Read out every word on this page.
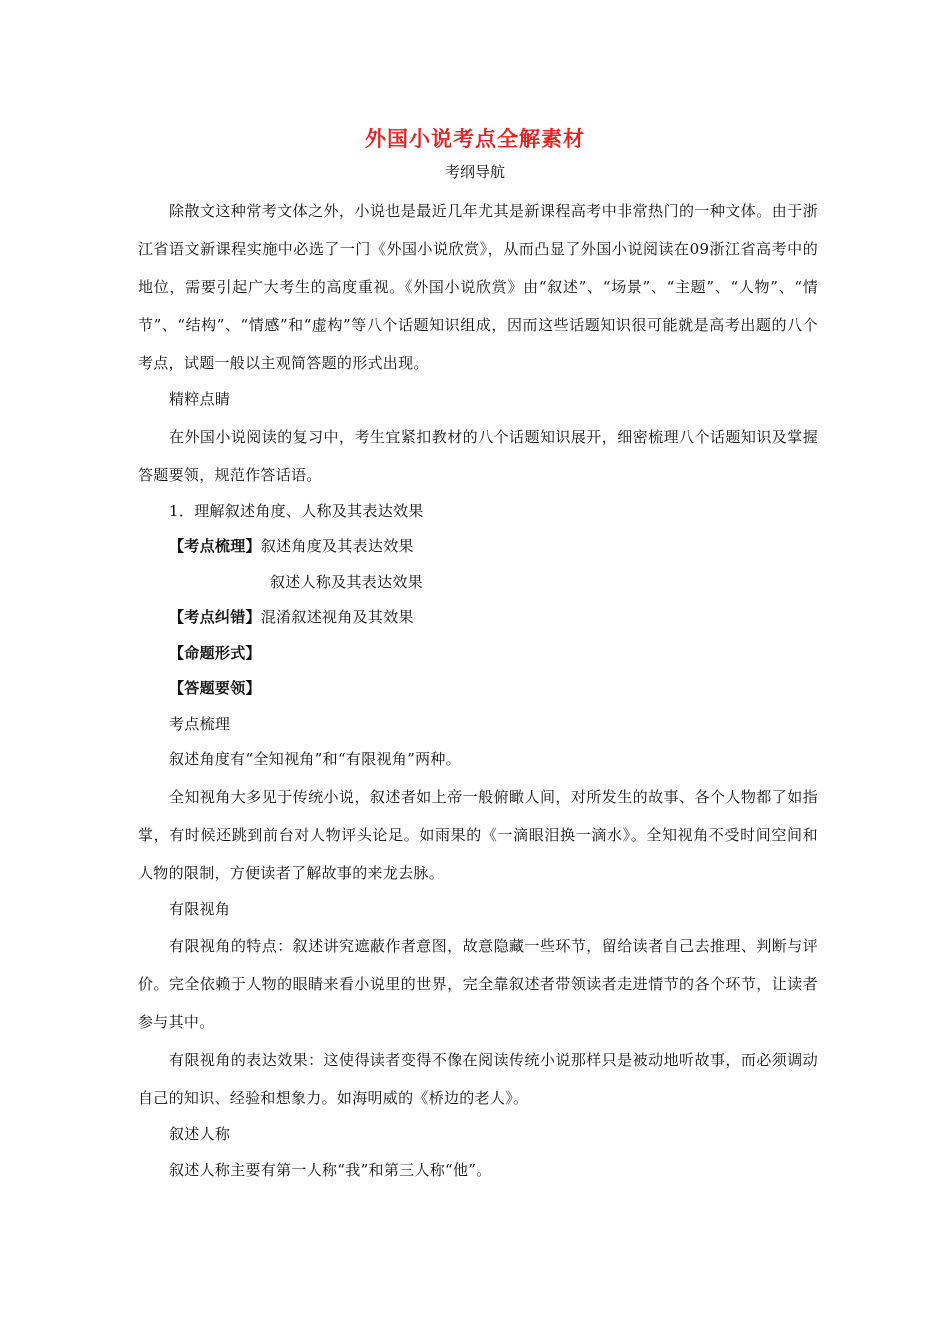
外国小说考点全解素材
考纲导航

除散文这种常考文体之外，小说也是最近几年尤其是新课程高考中非常热门的一种文体。由于浙江省语文新课程实施中必选了一门《外国小说欣赏》，从而凸显了外国小说阅读在09浙江省高考中的地位，需要引起广大考生的高度重视。《外国小说欣赏》由“叙述”、“场景”、“主题”、“人物”、“情节”、“结构”、“情感”和“虚构”等八个话题知识组成，因而这些话题知识很可能就是高考出题的八个考点，试题一般以主观简答题的形式出现。

精粹点睛

在外国小说阅读的复习中，考生宜紧扣教材的八个话题知识展开，细密梳理八个话题知识及掌握答题要领，规范作答话语。

1．理解叙述角度、人称及其表达效果

【考点梳理】叙述角度及其表达效果

叙述人称及其表达效果

【考点纠错】混淆叙述视角及其效果

【命题形式】

【答题要领】

考点梳理

叙述角度有“全知视角”和“有限视角”两种。

全知视角大多见于传统小说，叙述者如上帝一般俯瞰人间，对所发生的故事、各个人物都了如指掌，有时候还跳到前台对人物评头论足。如雨果的《一滴眼泪换一滴水》。全知视角不受时间空间和人物的限制，方便读者了解故事的来龙去脉。

有限视角

有限视角的特点：叙述讲究遮蔽作者意图，故意隐藏一些环节，留给读者自己去推理、判断与评价。完全依赖于人物的眼睛来看小说里的世界，完全靠叙述者带领读者走进情节的各个环节，让读者参与其中。

有限视角的表达效果：这使得读者变得不像在阅读传统小说那样只是被动地听故事，而必须调动自己的知识、经验和想象力。如海明威的《桥边的老人》。

叙述人称

叙述人称主要有第一人称“我”和第三人称“他”。
